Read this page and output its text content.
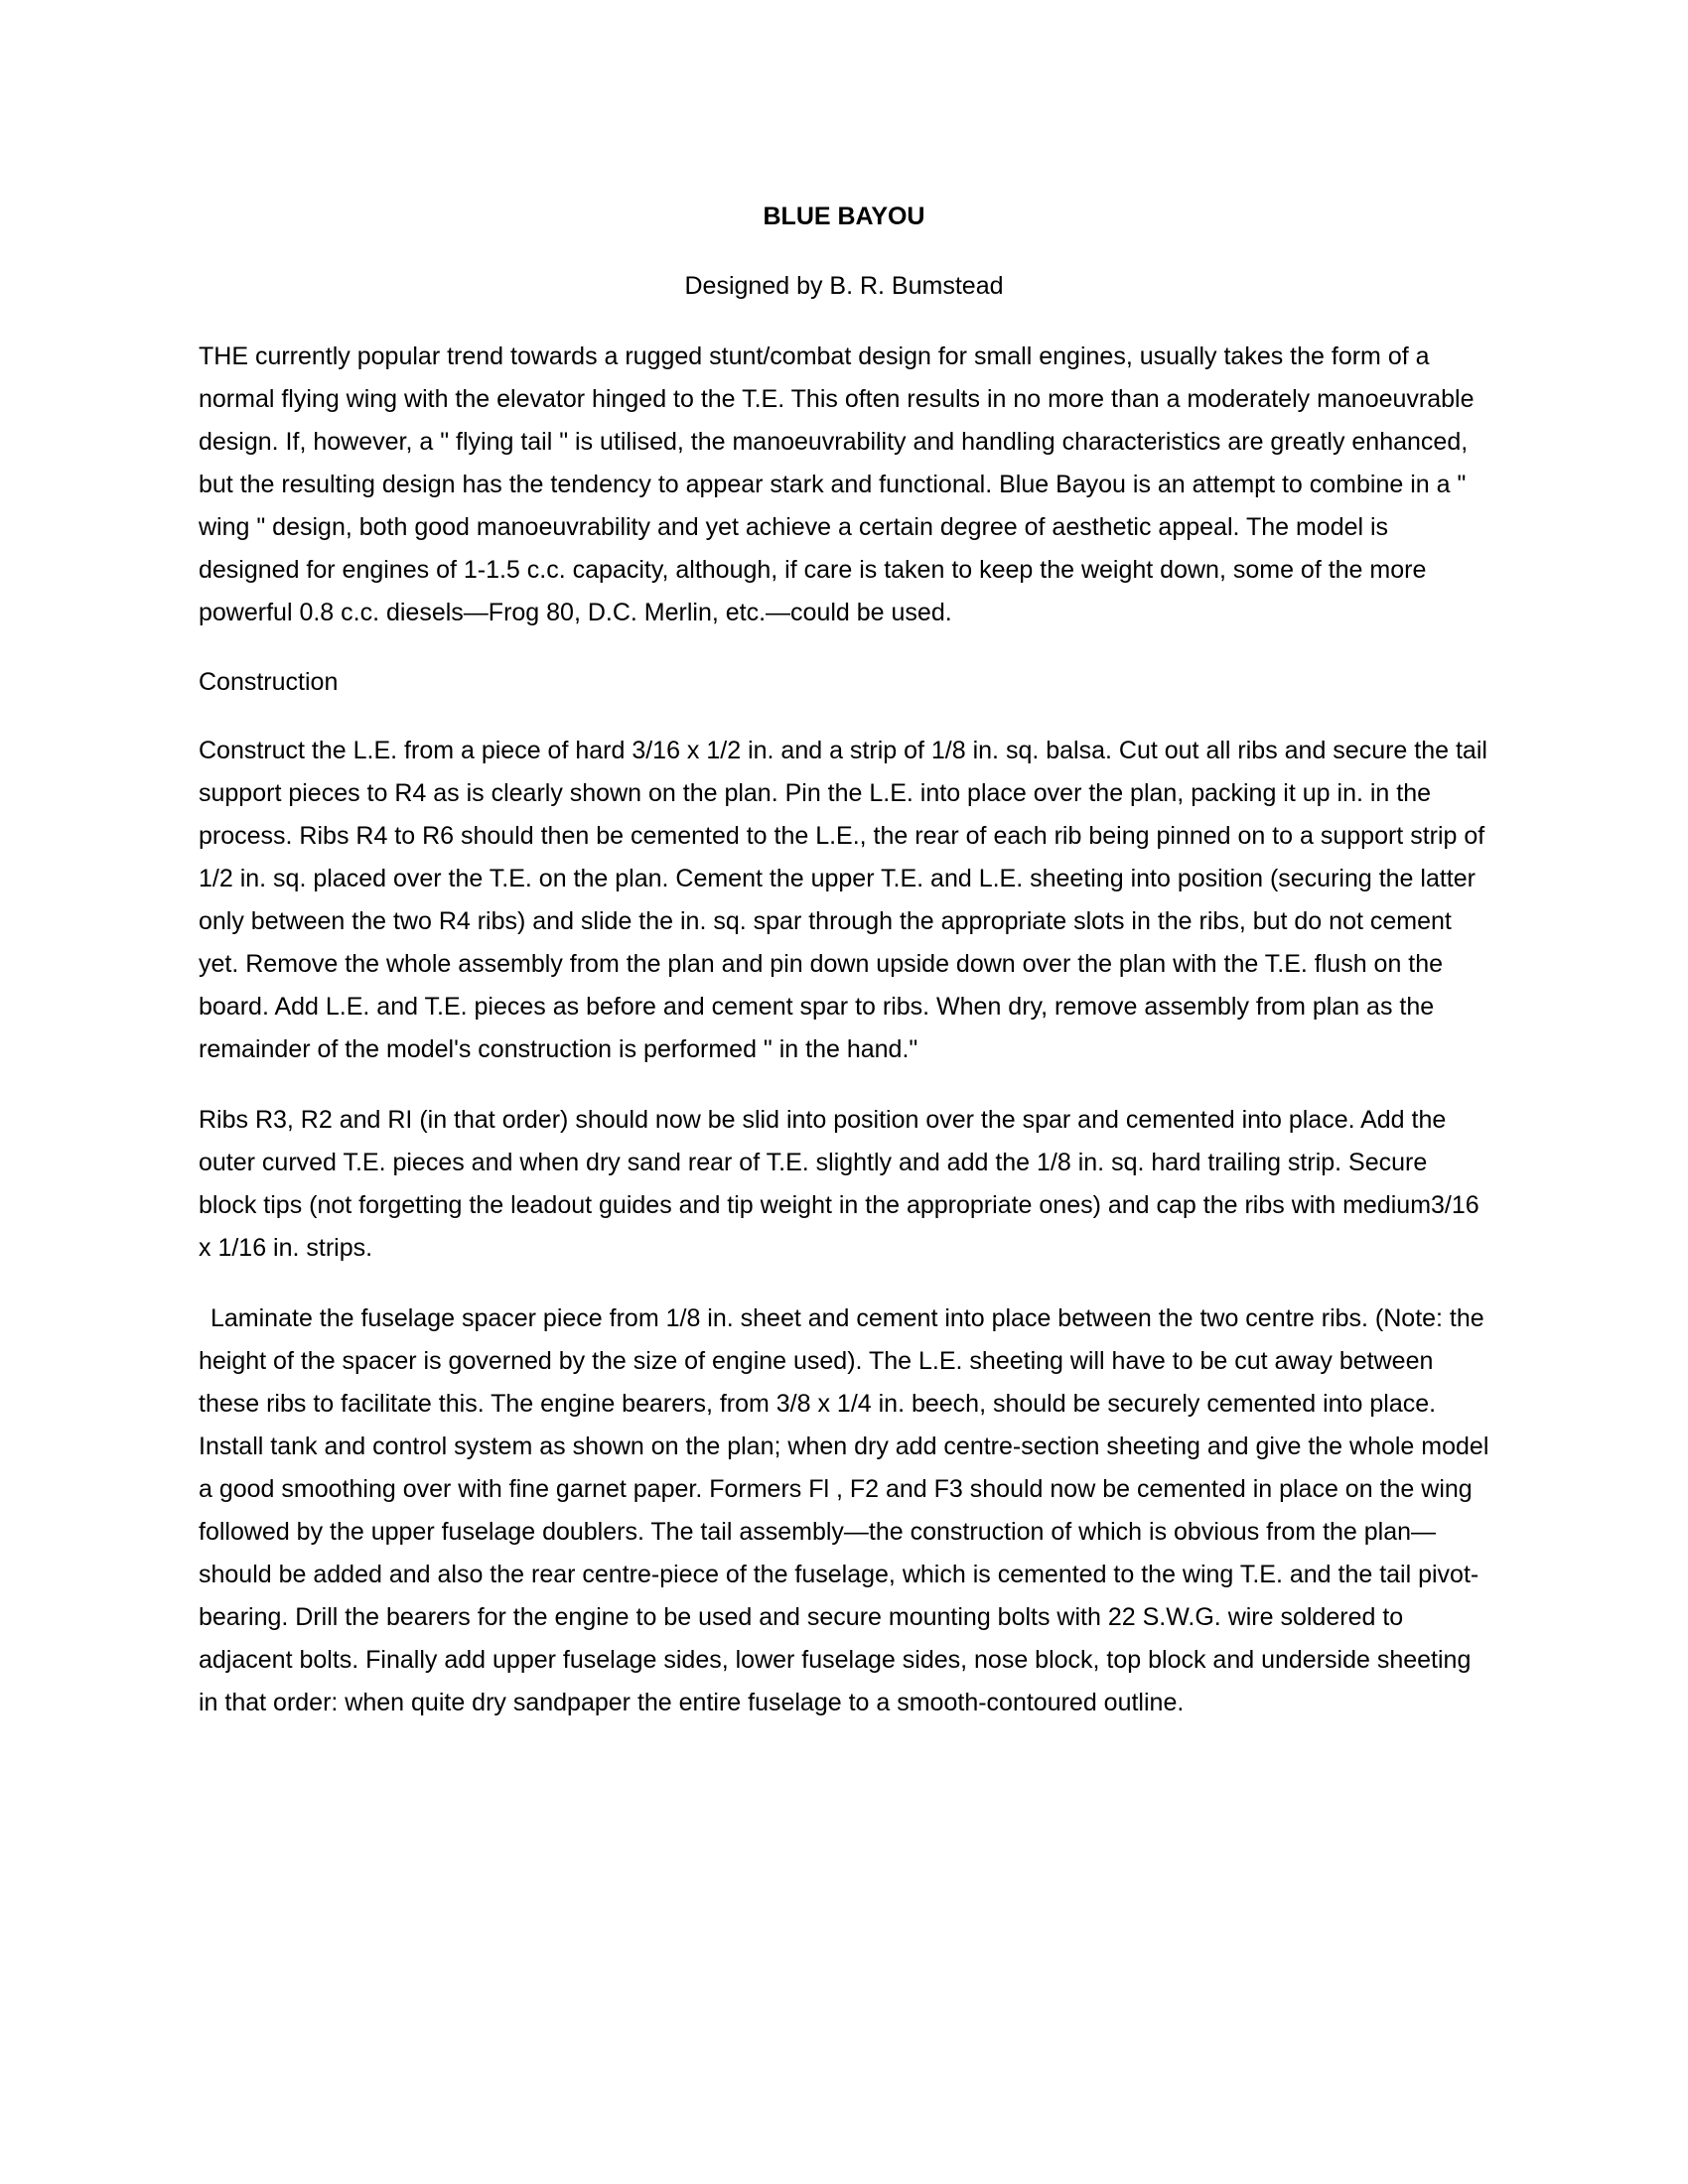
BLUE BAYOU
Designed by B. R. Bumstead

THE currently popular trend towards a rugged stunt/combat design for small engines, usually takes the form of a normal flying wing with the elevator hinged to the T.E. This often results in no more than a moderately manoeuvrable design. If, however, a " flying tail " is utilised, the manoeuvrability and handling characteristics are greatly enhanced, but the resulting design has the tendency to appear stark and functional. Blue Bayou is an attempt to combine in a " wing " design, both good manoeuvrability and yet achieve a certain degree of aesthetic appeal. The model is designed for engines of 1-1.5 c.c. capacity, although, if care is taken to keep the weight down, some of the more powerful 0.8 c.c. diesels—Frog 80, D.C. Merlin, etc.—could be used.

Construction

Construct the L.E. from a piece of hard 3/16 x 1/2 in. and a strip of 1/8 in. sq. balsa. Cut out all ribs and secure the tail support pieces to R4 as is clearly shown on the plan. Pin the L.E. into place over the plan, packing it up in. in the process. Ribs R4 to R6 should then be cemented to the L.E., the rear of each rib being pinned on to a support strip of 1/2 in. sq. placed over the T.E. on the plan. Cement the upper T.E. and L.E. sheeting into position (securing the latter only between the two R4 ribs) and slide the in. sq. spar through the appropriate slots in the ribs, but do not cement yet. Remove the whole assembly from the plan and pin down upside down over the plan with the T.E. flush on the board. Add L.E. and T.E. pieces as before and cement spar to ribs. When dry, remove assembly from plan as the remainder of the model's construction is performed " in the hand."

Ribs R3, R2 and RI (in that order) should now be slid into position over the spar and cemented into place. Add the outer curved T.E. pieces and when dry sand rear of T.E. slightly and add the 1/8 in. sq. hard trailing strip. Secure block tips (not forgetting the leadout guides and tip weight in the appropriate ones) and cap the ribs with medium3/16 x 1/16 in. strips.

Laminate the fuselage spacer piece from 1/8 in. sheet and cement into place between the two centre ribs. (Note: the height of the spacer is governed by the size of engine used). The L.E. sheeting will have to be cut away between these ribs to facilitate this. The engine bearers, from 3/8 x 1/4 in. beech, should be securely cemented into place. Install tank and control system as shown on the plan; when dry add centre-section sheeting and give the whole model a good smoothing over with fine garnet paper. Formers Fl , F2 and F3 should now be cemented in place on the wing followed by the upper fuselage doublers. The tail assembly—the construction of which is obvious from the plan—should be added and also the rear centre-piece of the fuselage, which is cemented to the wing T.E. and the tail pivot-bearing. Drill the bearers for the engine to be used and secure mounting bolts with 22 S.W.G. wire soldered to adjacent bolts. Finally add upper fuselage sides, lower fuselage sides, nose block, top block and underside sheeting in that order: when quite dry sandpaper the entire fuselage to a smooth-contoured outline.
